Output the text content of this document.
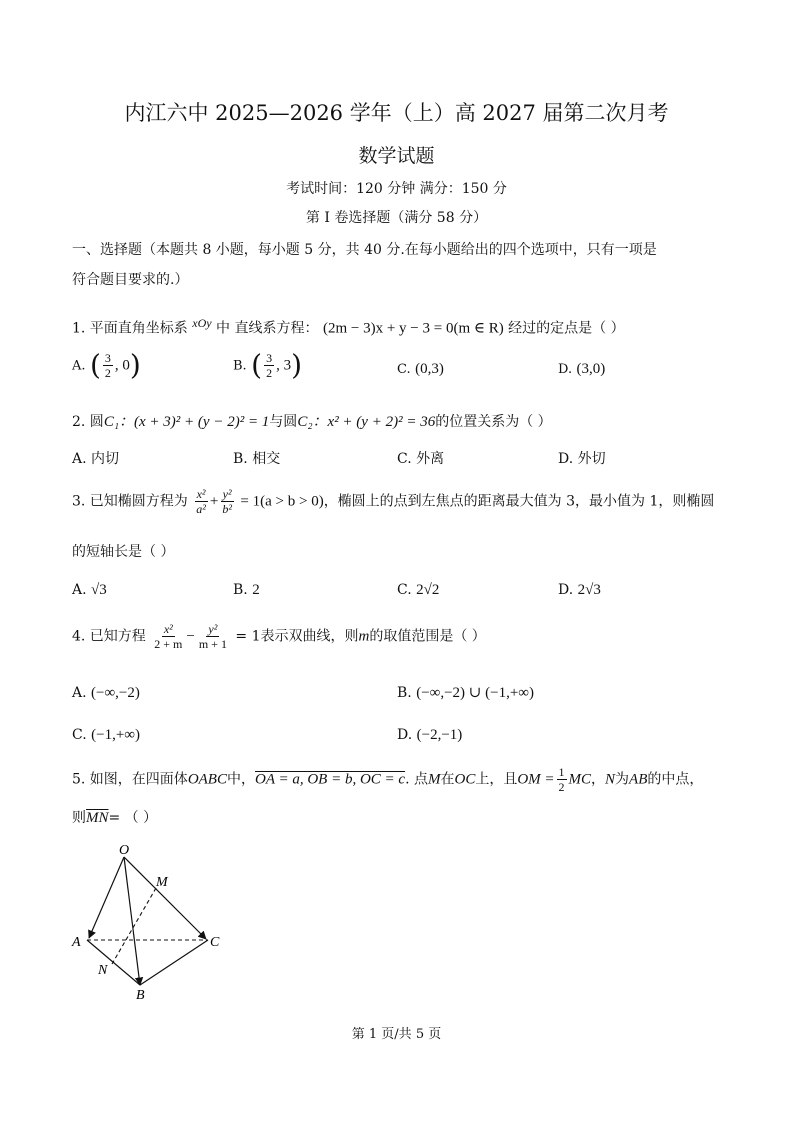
内江六中 2025—2026 学年（上）高 2027 届第二次月考
数学试题
考试时间：120 分钟 满分：150 分
第 I 卷选择题（满分 58 分）
一、选择题（本题共 8 小题，每小题 5 分，共 40 分.在每小题给出的四个选项中，只有一项是
符合题目要求的.）
1. 平面直角坐标系 $^{xOy}$ 中 直线系方程： (2m − 3)x + y − 3 = 0(m ∈ R) 经过的定点是（ ）
A. ( $\frac{3}{2}$ , 0)	B. ( $\frac{3}{2}$ , 3)	C. (0,3)	D. (3,0)
2. 圆C₁：(x + 3)² + (y − 2)² = 1与圆C₂：x² + (y + 2)² = 36的位置关系为（ ）
A. 内切	B. 相交	C. 外离	D. 外切
3. 已知椭圆方程为 $\frac{\text{x²}}{\text{a²}} + \frac{\text{y²}}{\text{b²}} = 1(a > b > 0)$，椭圆上的点到左焦点的距离最大值为 3，最小值为 1，则椭圆
的短轴长是（ ）
A. √3	B. 2	C. 2√2	D. 2√3
4. 已知方程 $\frac{\text{x²}}{2 + m} - \frac{\text{y²}}{m + 1} = 1$表示双曲线，则m的取值范围是（ ）
A. (−∞,−2)	B. (−∞,−2) ∪ (−1,+∞)
C. (−1,+∞)	D. (−2,−1)
5. 如图，在四面体OABC中，OA = a, OB = b, OC = c. 点M在OC上，且OM = $\frac{1}{2}$ MC，N为AB的中点，
则$\overline{MN}=$ （ ）
O
M
A	C
N
B
第 1 页/共 5 页
